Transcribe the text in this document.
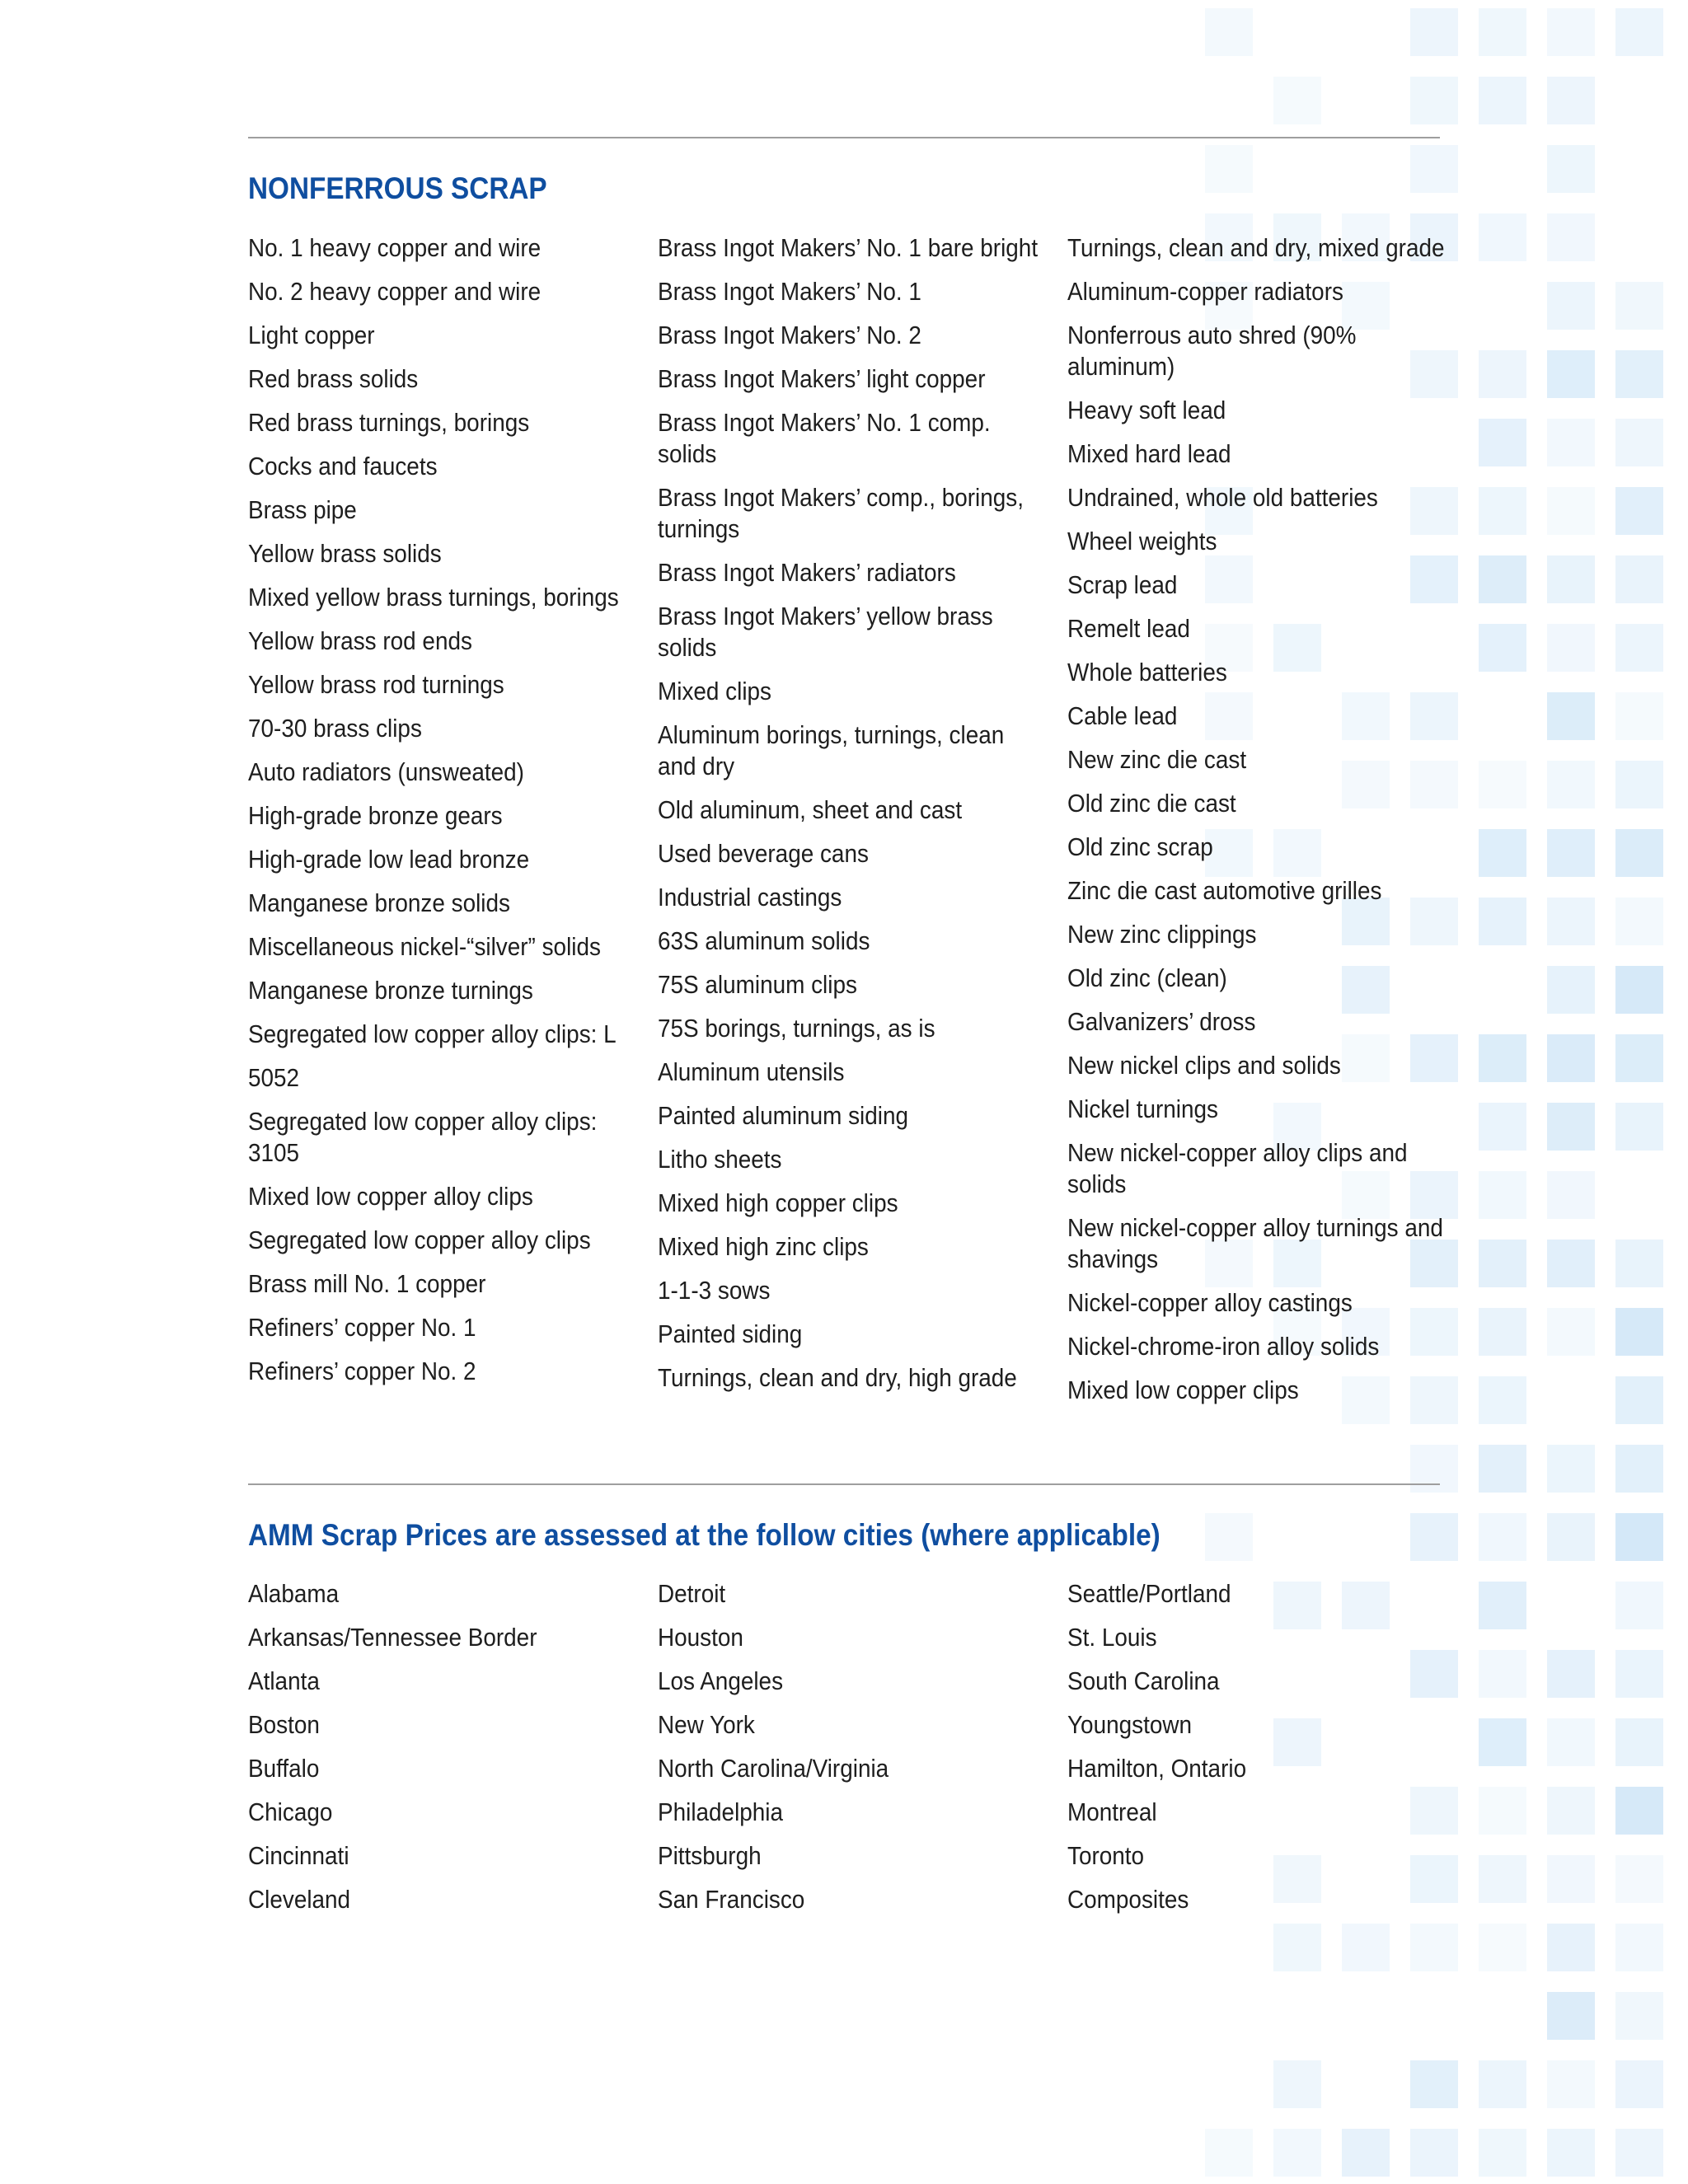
NONFERROUS SCRAP
No. 1 heavy copper and wire
No. 2 heavy copper and wire
Light copper
Red brass solids
Red brass turnings, borings
Cocks and faucets
Brass pipe
Yellow brass solids
Mixed yellow brass turnings, borings
Yellow brass rod ends
Yellow brass rod turnings
70-30 brass clips
Auto radiators (unsweated)
High-grade bronze gears
High-grade low lead bronze
Manganese bronze solids
Miscellaneous nickel-“silver” solids
Manganese bronze turnings
Segregated low copper alloy clips: L
5052
Segregated low copper alloy clips: 3105
Mixed low copper alloy clips
Segregated low copper alloy clips
Brass mill No. 1 copper
Refiners’ copper No. 1
Refiners’ copper No. 2
Brass Ingot Makers’ No. 1 bare bright
Brass Ingot Makers’ No. 1
Brass Ingot Makers’ No. 2
Brass Ingot Makers’ light copper
Brass Ingot Makers’ No. 1 comp. solids
Brass Ingot Makers’ comp., borings, turnings
Brass Ingot Makers’ radiators
Brass Ingot Makers’ yellow brass solids
Mixed clips
Aluminum borings, turnings, clean and dry
Old aluminum, sheet and cast
Used beverage cans
Industrial castings
63S aluminum solids
75S aluminum clips
75S borings, turnings, as is
Aluminum utensils
Painted aluminum siding
Litho sheets
Mixed high copper clips
Mixed high zinc clips
1-1-3 sows
Painted siding
Turnings, clean and dry, high grade
Turnings, clean and dry, mixed grade
Aluminum-copper radiators
Nonferrous auto shred (90% aluminum)
Heavy soft lead
Mixed hard lead
Undrained, whole old batteries
Wheel weights
Scrap lead
Remelt lead
Whole batteries
Cable lead
New zinc die cast
Old zinc die cast
Old zinc scrap
Zinc die cast automotive grilles
New zinc clippings
Old zinc (clean)
Galvanizers’ dross
New nickel clips and solids
Nickel turnings
New nickel-copper alloy clips and solids
New nickel-copper alloy turnings and shavings
Nickel-copper alloy castings
Nickel-chrome-iron alloy solids
Mixed low copper clips
AMM Scrap Prices are assessed at the follow cities (where applicable)
Alabama
Arkansas/Tennessee Border
Atlanta
Boston
Buffalo
Chicago
Cincinnati
Cleveland
Detroit
Houston
Los Angeles
New York
North Carolina/Virginia
Philadelphia
Pittsburgh
San Francisco
Seattle/Portland
St. Louis
South Carolina
Youngstown
Hamilton, Ontario
Montreal
Toronto
Composites
